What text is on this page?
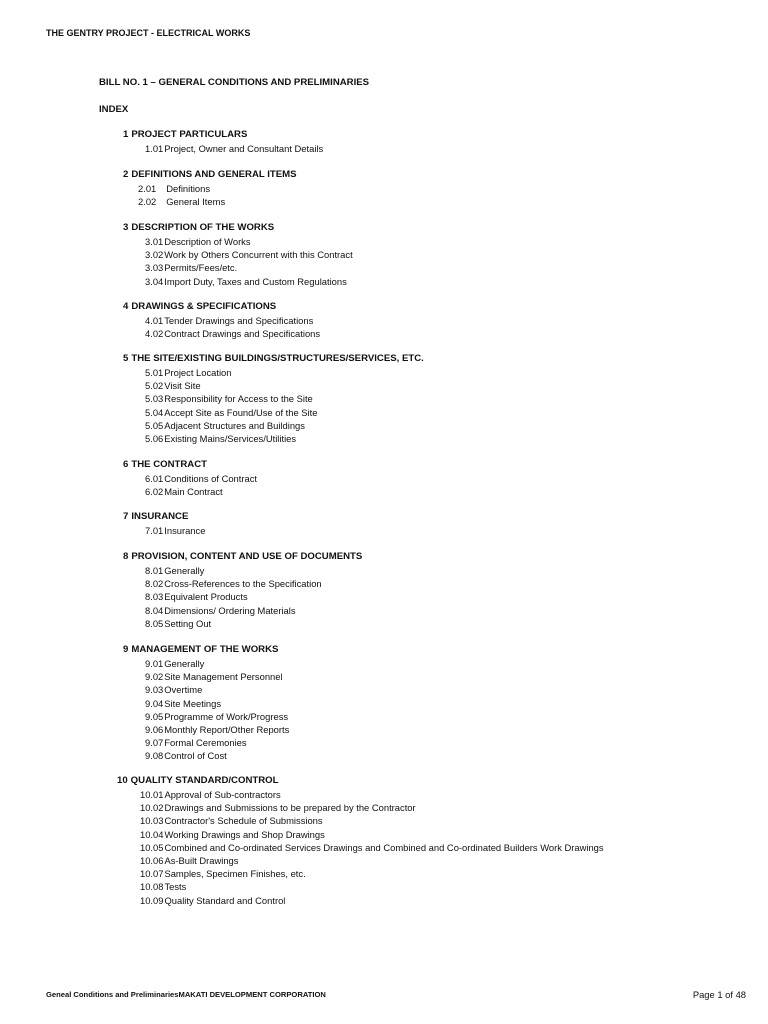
THE GENTRY PROJECT - ELECTRICAL WORKS
BILL NO. 1 – GENERAL CONDITIONS AND PRELIMINARIES
INDEX
1 PROJECT PARTICULARS
1.01Project, Owner and Consultant Details
2 DEFINITIONS AND GENERAL ITEMS
2.01 Definitions
2.02 General Items
3 DESCRIPTION OF THE WORKS
3.01Description of Works
3.02Work by Others Concurrent with this Contract
3.03Permits/Fees/etc.
3.04Import Duty, Taxes and Custom Regulations
4 DRAWINGS & SPECIFICATIONS
4.01Tender Drawings and Specifications
4.02Contract Drawings and Specifications
5 THE SITE/EXISTING BUILDINGS/STRUCTURES/SERVICES, ETC.
5.01Project Location
5.02Visit Site
5.03Responsibility for Access to the Site
5.04Accept Site as Found/Use of the Site
5.05Adjacent Structures and Buildings
5.06Existing Mains/Services/Utilities
6 THE CONTRACT
6.01Conditions of Contract
6.02Main Contract
7 INSURANCE
7.01Insurance
8 PROVISION, CONTENT AND USE OF DOCUMENTS
8.01Generally
8.02Cross-References to the Specification
8.03Equivalent Products
8.04Dimensions/ Ordering Materials
8.05Setting Out
9 MANAGEMENT OF THE WORKS
9.01Generally
9.02Site Management Personnel
9.03Overtime
9.04Site Meetings
9.05Programme of Work/Progress
9.06Monthly Report/Other Reports
9.07Formal Ceremonies
9.08Control of Cost
10 QUALITY STANDARD/CONTROL
10.01Approval of Sub-contractors
10.02Drawings and Submissions to be prepared by the Contractor
10.03Contractor's Schedule of Submissions
10.04Working Drawings and Shop Drawings
10.05Combined and Co-ordinated Services Drawings and Combined and Co-ordinated Builders Work Drawings
10.06As-Built Drawings
10.07Samples, Specimen Finishes, etc.
10.08Tests
10.09Quality Standard and Control
Geneal Conditions and PreliminariesMAKATI DEVELOPMENT CORPORATION	Page 1 of 48
